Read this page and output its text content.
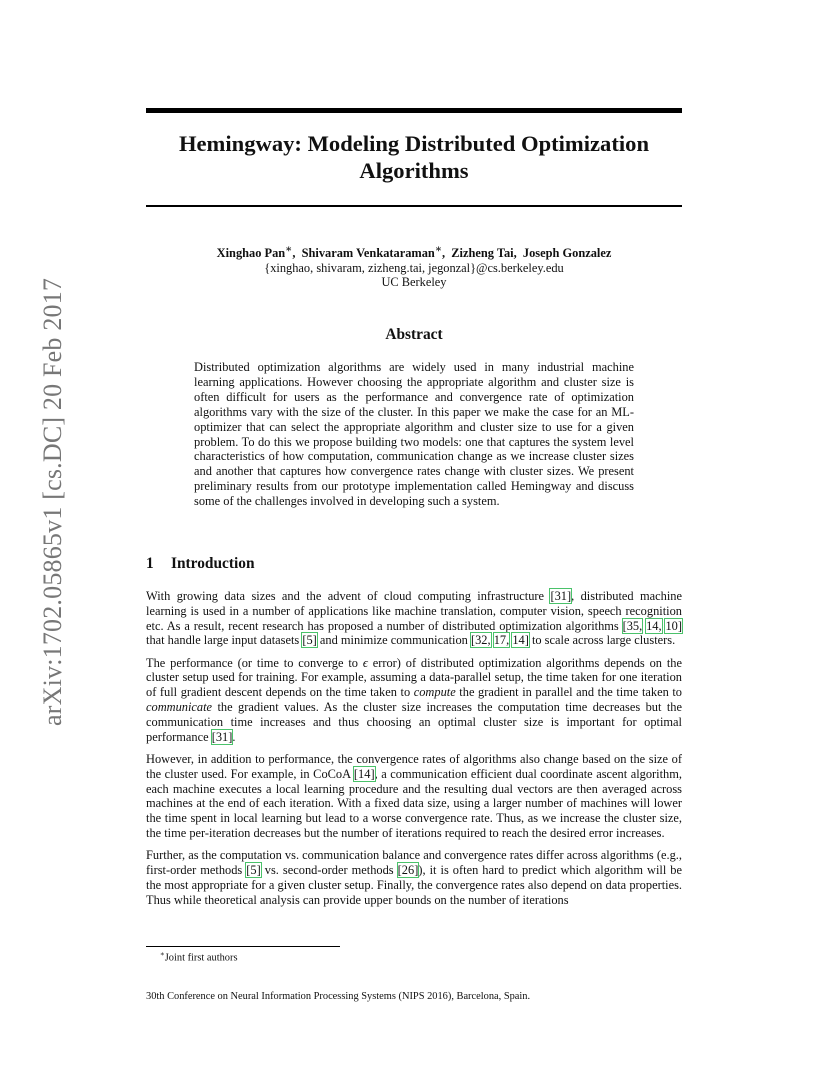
arXiv:1702.05865v1 [cs.DC] 20 Feb 2017
Hemingway: Modeling Distributed Optimization
Algorithms
Xinghao Pan∗,  Shivaram Venkataraman∗,  Zizheng Tai, Joseph Gonzalez
{xinghao, shivaram, zizheng.tai, jegonzal}@cs.berkeley.edu
UC Berkeley
Abstract
Distributed optimization algorithms are widely used in many industrial machine learning applications. However choosing the appropriate algorithm and cluster size is often difficult for users as the performance and convergence rate of optimization algorithms vary with the size of the cluster. In this paper we make the case for an ML-optimizer that can select the appropriate algorithm and cluster size to use for a given problem. To do this we propose building two models: one that captures the system level characteristics of how computation, communication change as we increase cluster sizes and another that captures how convergence rates change with cluster sizes. We present preliminary results from our prototype implementation called Hemingway and discuss some of the challenges involved in developing such a system.
1 Introduction

With growing data sizes and the advent of cloud computing infrastructure [31], distributed machine learning is used in a number of applications like machine translation, computer vision, speech recognition etc. As a result, recent research has proposed a number of distributed optimization algorithms [35, 14, 10] that handle large input datasets [5] and minimize communication [32, 17, 14] to scale across large clusters.

The performance (or time to converge to ϵ error) of distributed optimization algorithms depends on the cluster setup used for training. For example, assuming a data-parallel setup, the time taken for one iteration of full gradient descent depends on the time taken to compute the gradient in parallel and the time taken to communicate the gradient values. As the cluster size increases the computation time decreases but the communication time increases and thus choosing an optimal cluster size is important for optimal performance [31].

However, in addition to performance, the convergence rates of algorithms also change based on the size of the cluster used. For example, in CoCoA [14], a communication efficient dual coordinate ascent algorithm, each machine executes a local learning procedure and the resulting dual vectors are then averaged across machines at the end of each iteration. With a fixed data size, using a larger number of machines will lower the time spent in local learning but lead to a worse convergence rate. Thus, as we increase the cluster size, the time per-iteration decreases but the number of iterations required to reach the desired error increases.

Further, as the computation vs. communication balance and convergence rates differ across algorithms (e.g., first-order methods [5] vs. second-order methods [26]), it is often hard to predict which algorithm will be the most appropriate for a given cluster setup. Finally, the convergence rates also depend on data properties. Thus while theoretical analysis can provide upper bounds on the number of iterations

∗Joint first authors
30th Conference on Neural Information Processing Systems (NIPS 2016), Barcelona, Spain.
